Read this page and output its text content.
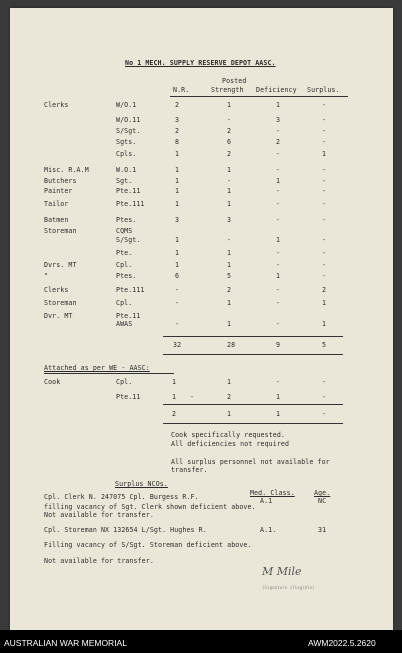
No 1 MECH. SUPPLY RESERVE DEPOT AASC.
Posted
N.R.	Strength Deficiency Surplus.
Clerks	W/O.1	2	1	1	-
W/O.11	3	-	3	-
S/Sgt.	2	2	-	-
Sgts.	8	6	2	-
Cpls.	1	2	-	1
Misc. R.A.M	W.O.1	1	1	-	-
Butchers	Sgt.	1	-	1	-
Painter	Pte.11	1	1	-	-
Tailor	Pte.111	1	1	-	-
Batmen	Ptes.	3	3	-	-
Storeman	CQMS
S/Sgt.	1	-	1	-
Pte.	1	1	-	-
Dvrs. MT	Cpl.	1	1	-	-
"	Ptes.	6	5	1	-
Clerks	Pte.111	-	2	-	2
Storeman	Cpl.	-	1	-	1
Dvr. MT	Pte.11
AWAS	-	1	-	1
32	28	9	5
Attached as per WE - AASC:
Cook	Cpl.	1	1	-	-
Pte.11	1 -	2	1	-
2	1	1	-
Cook specifically requested.
All deficiencies not required
All surplus personnel not available for
transfer.
Surplus NCOs.
Med. Class.	Age.
Cpl. Clerk N. 247075 Cpl. Burgess R.F.	A.1	NC
filling vacancy of Sgt. Clerk shown deficient above.
Not available for transfer.
Cpl. Storeman NX 132654 L/Sgt. Hughes R.	A.1.	31
Filling vacancy of S/Sgt. Storeman deficient above.
Not available for transfer.
M Mile
(Signature illegible)
AUSTRALIAN WAR MEMORIAL	AWM2022.5.2620
